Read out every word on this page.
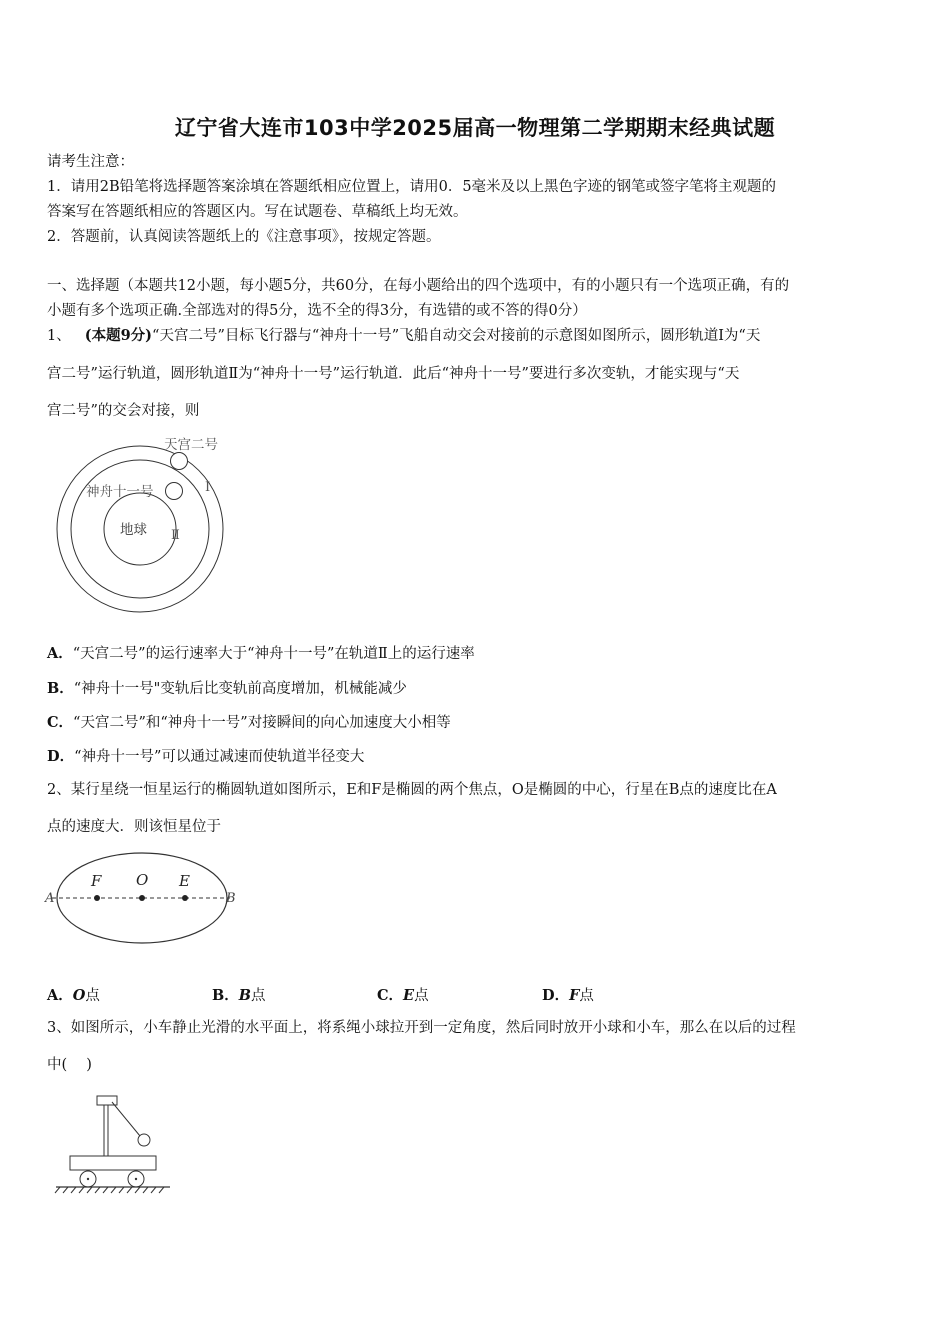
辽宁省大连市103中学2025届高一物理第二学期期末经典试题
请考生注意：
1．请用2B铅笔将选择题答案涂填在答题纸相应位置上，请用0．5毫米及以上黑色字迹的钢笔或签字笔将主观题的
答案写在答题纸相应的答题区内。写在试题卷、草稿纸上均无效。
2．答题前，认真阅读答题纸上的《注意事项》，按规定答题。
一、选择题（本题共12小题，每小题5分，共60分，在每小题给出的四个选项中，有的小题只有一个选项正确，有的
小题有多个选项正确.全部选对的得5分，选不全的得3分，有选错的或不答的得0分）
1、 (本题9分)“天宫二号”目标飞行器与“神舟十一号”飞船自动交会对接前的示意图如图所示，圆形轨道Ⅰ为“天
宫二号”运行轨道，圆形轨道Ⅱ为“神舟十一号”运行轨道．此后“神舟十一号”要进行多次变轨，才能实现与“天
宫二号”的交会对接，则
天宫二号
神舟十一号
地球
Ⅰ
Ⅱ
A．“天宫二号”的运行速率大于“神舟十一号”在轨道Ⅱ上的运行速率
B．“神舟十一号"变轨后比变轨前高度增加，机械能减少
C．“天宫二号”和“神舟十一号”对接瞬间的向心加速度大小相等
D．“神舟十一号”可以通过减速而使轨道半径变大
2、某行星绕一恒星运行的椭圆轨道如图所示，E和F是椭圆的两个焦点，O是椭圆的中心，行星在B点的速度比在A
点的速度大．则该恒星位于
A
F O E
B
A．O点	B．B点	C．E点	D．F点
3、如图所示，小车静止光滑的水平面上，将系绳小球拉开到一定角度，然后同时放开小球和小车，那么在以后的过程
中(　 )
